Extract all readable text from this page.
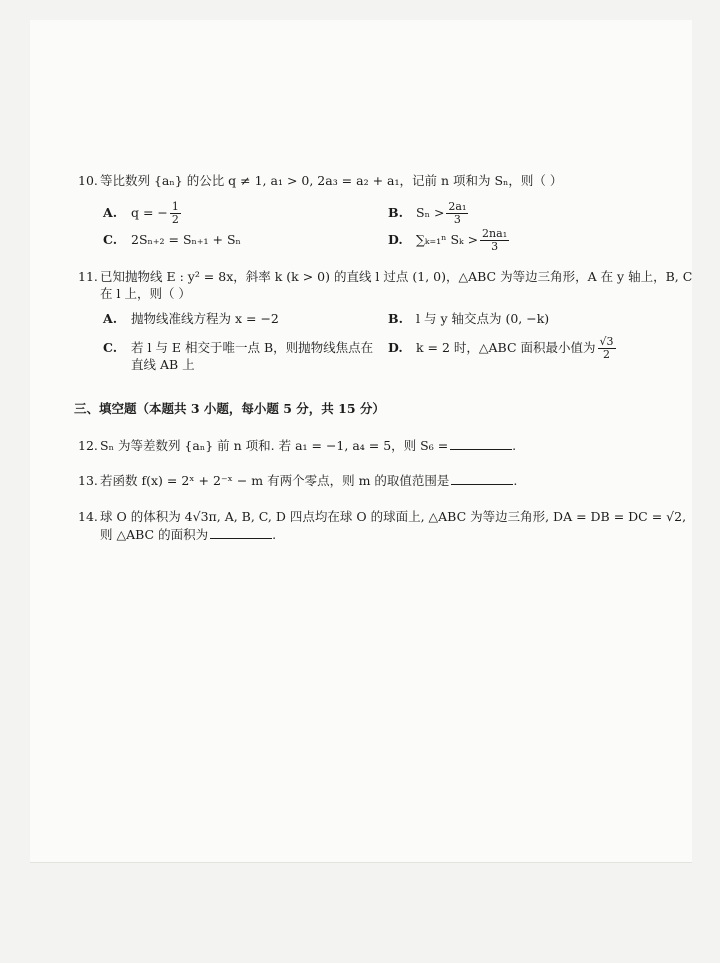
10. 等比数列 {aₙ} 的公比 q ≠ 1, a₁ > 0, 2a₃ = a₂ + a₁，记前 n 项和为 Sₙ，则（ ）
A. q = − $\frac{1}{2}$	B. $S_n > \frac{\text{2a₁}}{3}$
C. 2Sₙ₊₂ = Sₙ₊₁ + Sₙ	D. ∑ₖ₌₁ⁿ $S_k > \frac{\text{2na₁}}{3}$
11. 已知抛物线 E : y² = 8x，斜率 k (k > 0) 的直线 l 过点 (1, 0)，△ABC 为等边三角形，A 在 y 轴上，B, C
在 l 上，则（ ）
A. 抛物线准线方程为 x = −2	B. l 与 y 轴交点为 (0, −k)
C. 若 l 与 E 相交于唯一点 B，则抛物线焦点在
直线 AB 上
D. k = 2 时，△ABC 面积最小值为 $\frac{√3}{2}$
三、填空题（本题共 3 小题，每小题 5 分，共 15 分）
12. Sₙ 为等差数列 {aₙ} 前 n 项和. 若 a₁ = −1, a₄ = 5，则 S₆ =	.
13. 若函数 f(x) = 2ˣ + 2⁻ˣ − m 有两个零点，则 m 的取值范围是	.
14. 球 O 的体积为 4√3π, A, B, C, D 四点均在球 O 的球面上, △ABC 为等边三角形, DA = DB = DC = √2,
则 △ABC 的面积为	.
